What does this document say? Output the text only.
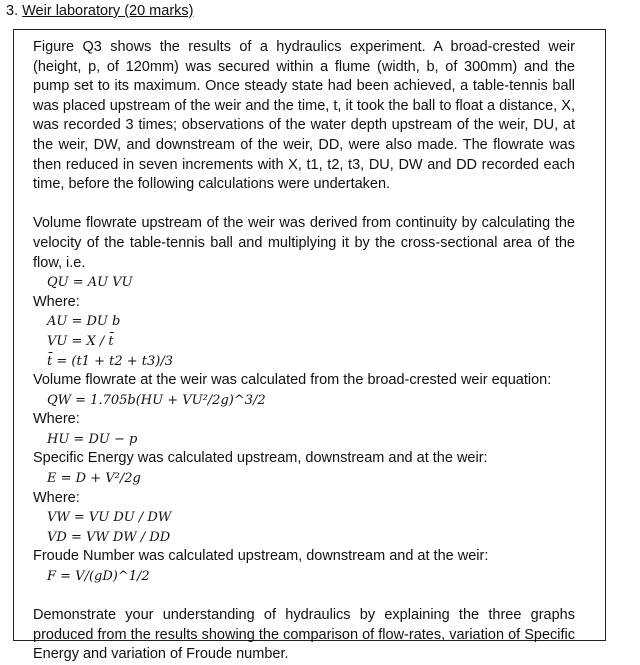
3. Weir laboratory (20 marks)

Figure Q3 shows the results of a hydraulics experiment. A broad-crested weir (height, p, of 120mm) was secured within a flume (width, b, of 300mm) and the pump set to its maximum. Once steady state had been achieved, a table-tennis ball was placed upstream of the weir and the time, t, it took the ball to float a distance, X, was recorded 3 times; observations of the water depth upstream of the weir, DU, at the weir, DW, and downstream of the weir, DD, were also made. The flowrate was then reduced in seven increments with X, t1, t2, t3, DU, DW and DD recorded each time, before the following calculations were undertaken.

Volume flowrate upstream of the weir was derived from continuity by calculating the velocity of the table-tennis ball and multiplying it by the cross-sectional area of the flow, i.e.

QU = AU VU
Where:
AU = DU b
VU = X / t̄
t̄ = (t1 + t2 + t3)/3

Volume flowrate at the weir was calculated from the broad-crested weir equation:

QW = 1.705b(HU + VU²/2g)^3/2
Where:
HU = DU − p

Specific Energy was calculated upstream, downstream and at the weir:

E = D + V²/2g
Where:
VW = VU DU / DW
VD = VW DW / DD

Froude Number was calculated upstream, downstream and at the weir:

F = V/(gD)^1/2

Demonstrate your understanding of hydraulics by explaining the three graphs produced from the results showing the comparison of flow-rates, variation of Specific Energy and variation of Froude number.
